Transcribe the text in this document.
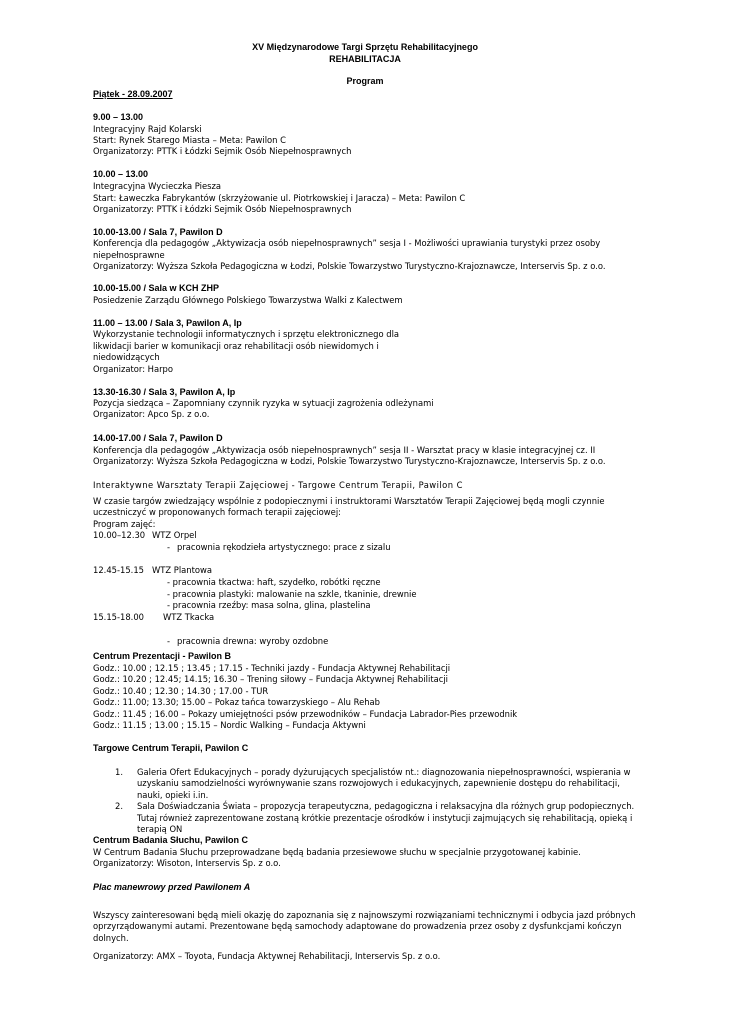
XV Międzynarodowe Targi Sprzętu Rehabilitacyjnego
REHABILITACJA
Program
Piątek - 28.09.2007
9.00 – 13.00
Integracyjny Rajd Kolarski
Start: Rynek Starego Miasta – Meta: Pawilon C
Organizatorzy: PTTK i Łódzki Sejmik Osób Niepełnosprawnych
10.00 – 13.00
Integracyjna Wycieczka Piesza
Start: Ławeczka Fabrykantów (skrzyżowanie ul. Piotrkowskiej i Jaracza) – Meta: Pawilon C
Organizatorzy: PTTK i Łódzki Sejmik Osób Niepełnosprawnych
10.00-13.00 / Sala 7, Pawilon D
Konferencja dla pedagogów „Aktywizacja osób niepełnosprawnych” sesja I - Możliwości uprawiania turystyki przez osoby
niepełnosprawne
Organizatorzy: Wyższa Szkoła Pedagogiczna w Łodzi, Polskie Towarzystwo Turystyczno-Krajoznawcze, Interservis Sp. z o.o.
10.00-15.00 / Sala w KCH ZHP
Posiedzenie Zarządu Głównego Polskiego Towarzystwa Walki z Kalectwem
11.00 – 13.00 / Sala 3, Pawilon A, Ip
Wykorzystanie technologii informatycznych i sprzętu elektronicznego dla
likwidacji barier w komunikacji oraz rehabilitacji osób niewidomych i
niedowidzących
Organizator: Harpo
13.30-16.30 / Sala 3, Pawilon A, Ip
Pozycja siedząca – Zapomniany czynnik ryzyka w sytuacji zagrożenia odleżynami
Organizator: Apco Sp. z o.o.
14.00-17.00 / Sala 7, Pawilon D
Konferencja dla pedagogów „Aktywizacja osób niepełnosprawnych” sesja II - Warsztat pracy w klasie integracyjnej cz. II
Organizatorzy: Wyższa Szkoła Pedagogiczna w Łodzi, Polskie Towarzystwo Turystyczno-Krajoznawcze, Interservis Sp. z o.o.
Interaktywne Warsztaty Terapii Zajęciowej - Targowe Centrum Terapii, Pawilon C
W czasie targów zwiedzający wspólnie z podopiecznymi i instruktorami Warsztatów Terapii Zajęciowej będą mogli czynnie
uczestniczyć w proponowanych formach terapii zajęciowej:
Program zajęć:
10.00–12.30 WTZ Orpel
- pracownia rękodzieła artystycznego: prace z sizalu
12.45-15.15 WTZ Plantowa
- pracownia tkactwa: haft, szydełko, robótki ręczne
- pracownia plastyki: malowanie na szkle, tkaninie, drewnie
- pracownia rzeźby: masa solna, glina, plastelina
15.15-18.00 WTZ Tkacka
- pracownia drewna: wyroby ozdobne
Centrum Prezentacji - Pawilon B
Godz.: 10.00 ; 12.15 ; 13.45 ; 17.15 - Techniki jazdy - Fundacja Aktywnej Rehabilitacji
Godz.: 10.20 ; 12.45; 14.15; 16.30 – Trening siłowy – Fundacja Aktywnej Rehabilitacji
Godz.: 10.40 ; 12.30 ; 14.30 ; 17.00 - TUR
Godz.: 11.00; 13.30; 15.00 – Pokaz tańca towarzyskiego – Alu Rehab
Godz.: 11.45 ; 16.00 – Pokazy umiejętności psów przewodników – Fundacja Labrador-Pies przewodnik
Godz.: 11.15 ; 13.00 ; 15.15 – Nordic Walking – Fundacja Aktywni
Targowe Centrum Terapii, Pawilon C
1. Galeria Ofert Edukacyjnych – porady dyżurujących specjalistów nt.: diagnozowania niepełnosprawności, wspierania w
uzyskaniu samodzielności wyrównywanie szans rozwojowych i edukacyjnych, zapewnienie dostępu do rehabilitacji,
nauki, opieki i.in.
2. Sala Doświadczania Świata – propozycja terapeutyczna, pedagogiczna i relaksacyjna dla różnych grup podopiecznych.
Tutaj również zaprezentowane zostaną krótkie prezentacje ośrodków i instytucji zajmujących się rehabilitacją, opieką i
terapią ON
Centrum Badania Słuchu, Pawilon C
W Centrum Badania Słuchu przeprowadzane będą badania przesiewowe słuchu w specjalnie przygotowanej kabinie.
Organizatorzy: Wisoton, Interservis Sp. z o.o.
Plac manewrowy przed Pawilonem A
Wszyscy zainteresowani będą mieli okazję do zapoznania się z najnowszymi rozwiązaniami technicznymi i odbycia jazd próbnych
oprzyrządowanymi autami. Prezentowane będą samochody adaptowane do prowadzenia przez osoby z dysfunkcjami kończyn
dolnych.
Organizatorzy: AMX – Toyota, Fundacja Aktywnej Rehabilitacji, Interservis Sp. z o.o.
